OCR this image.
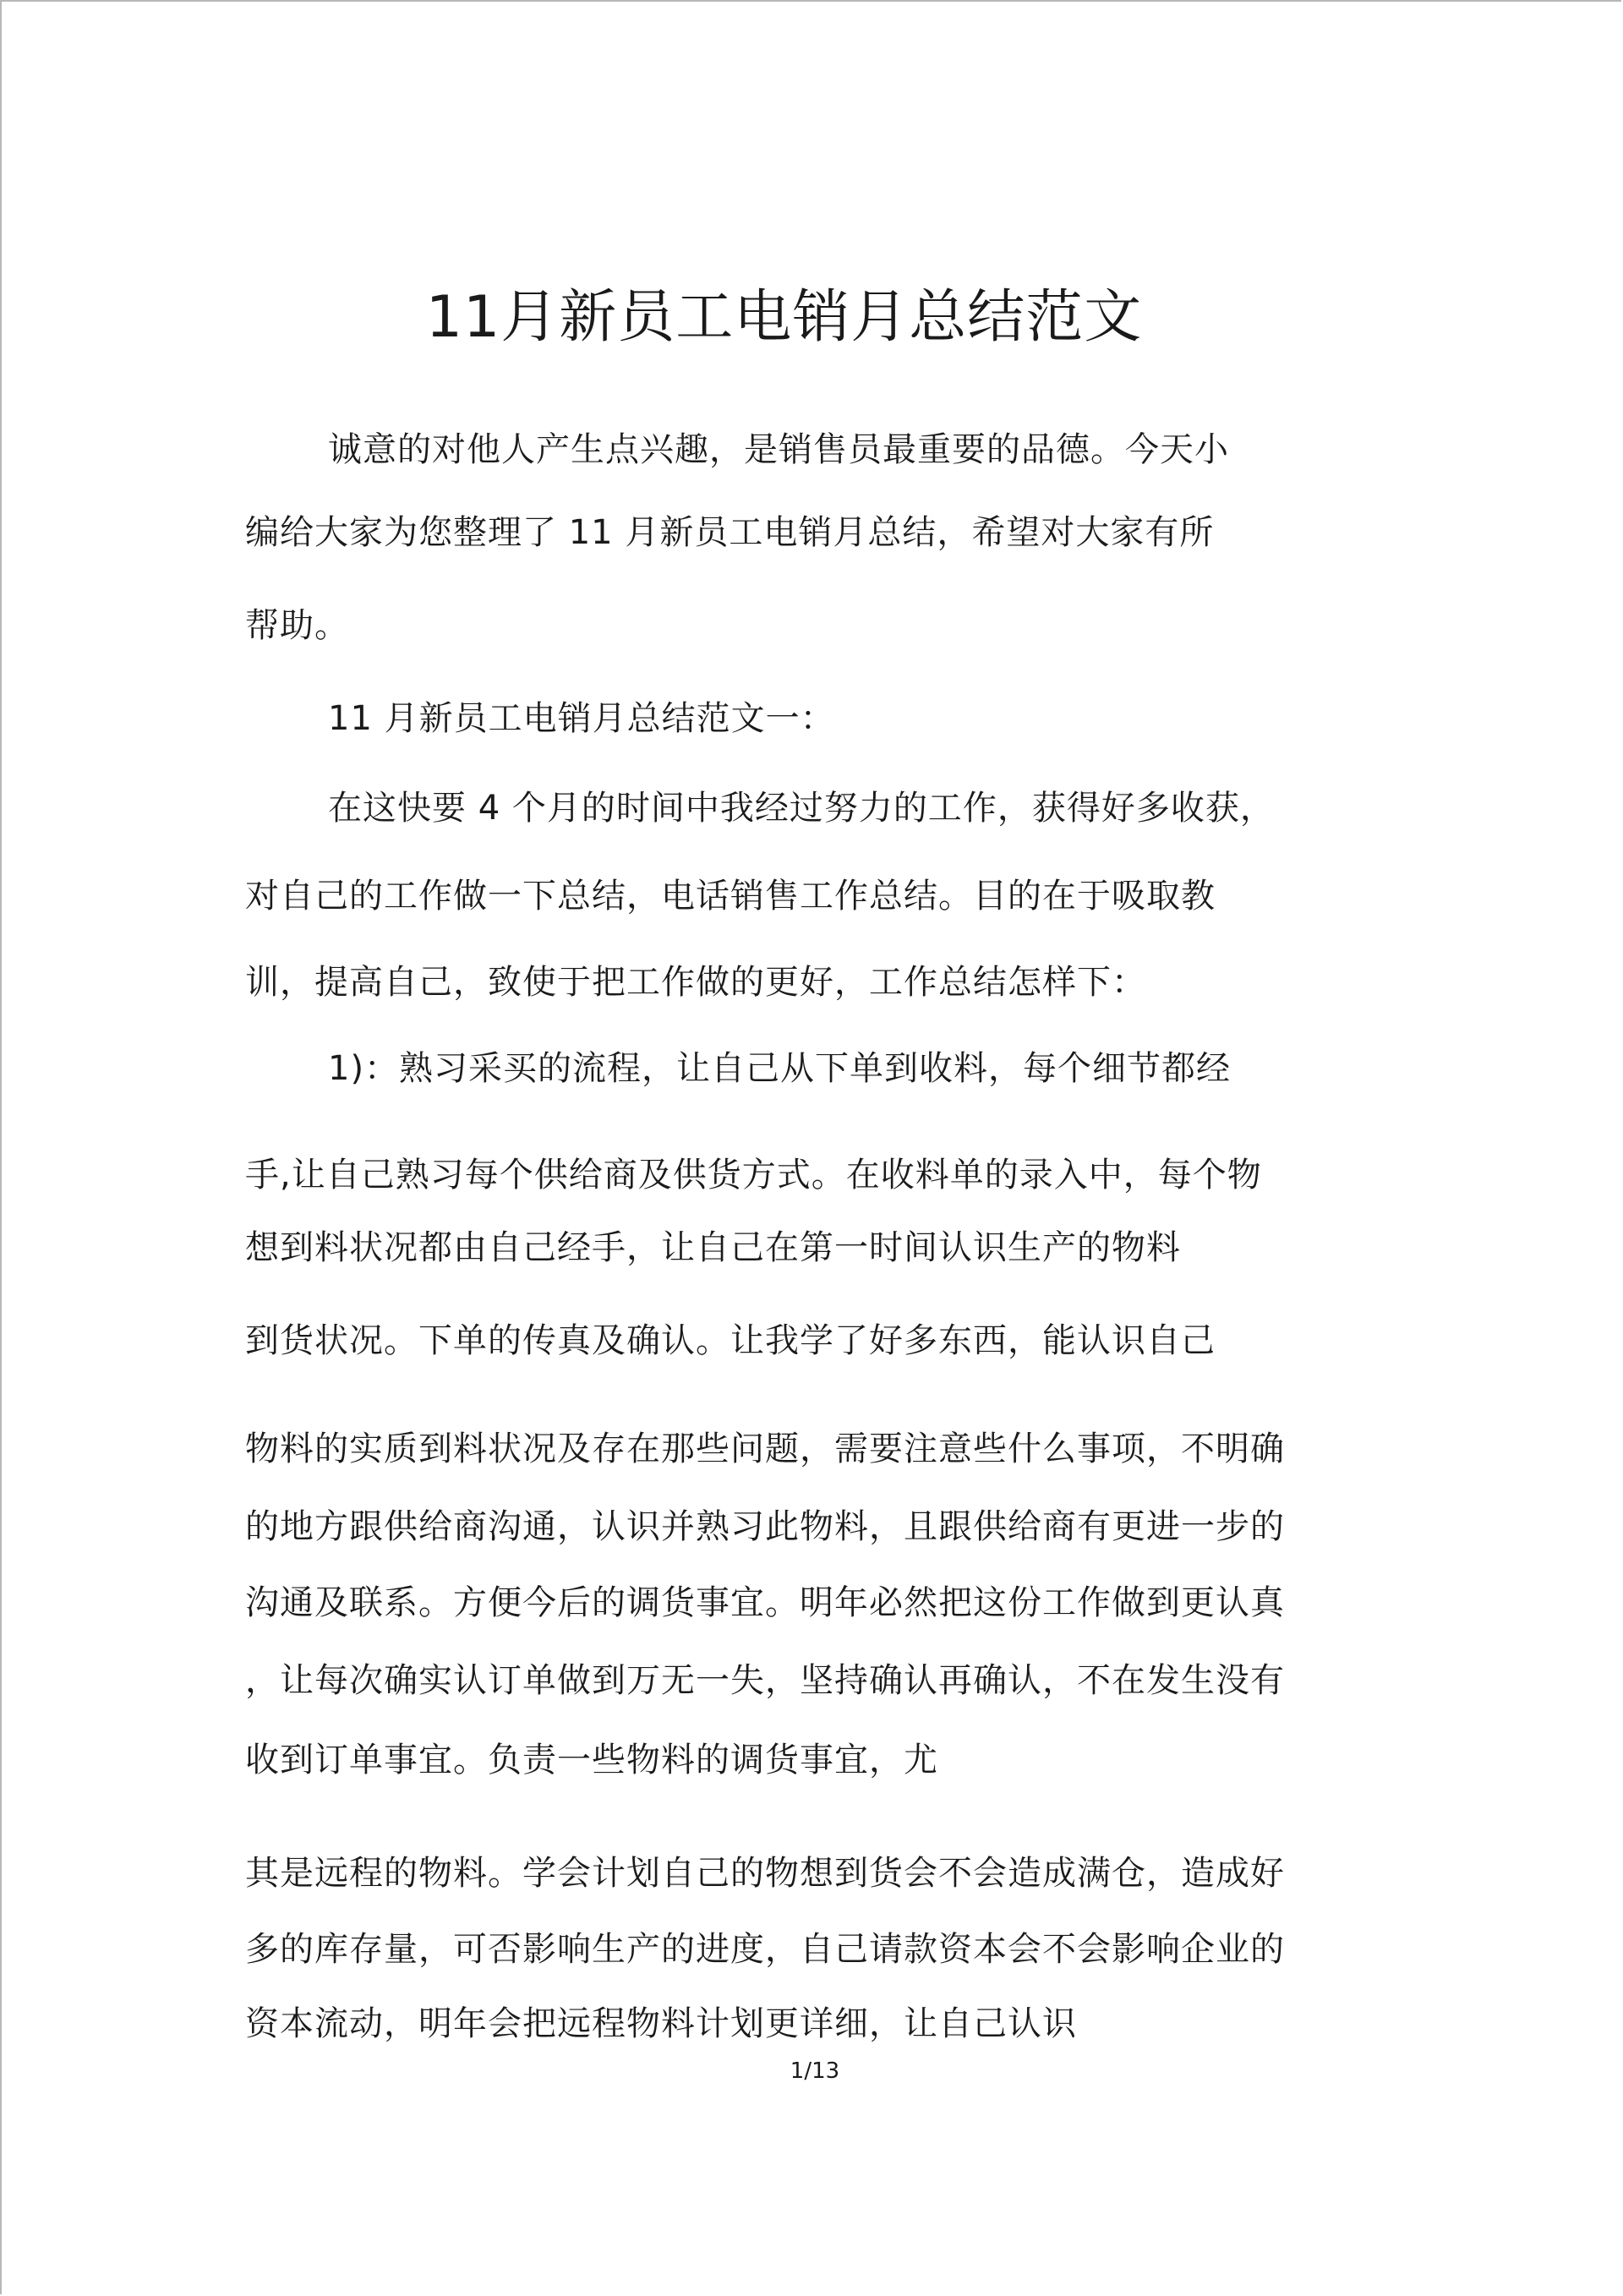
11月新员工电销月总结范文
诚意的对他人产生点兴趣，是销售员最重要的品德。今天小
编给大家为您整理了 11 月新员工电销月总结，希望对大家有所
帮助。
11 月新员工电销月总结范文一：
在这快要 4 个月的时间中我经过努力的工作，获得好多收获，
对自己的工作做一下总结，电话销售工作总结。目的在于吸取教
训，提高自己，致使于把工作做的更好，工作总结怎样下：
1)：熟习采买的流程，让自己从下单到收料，每个细节都经
手,让自己熟习每个供给商及供货方式。在收料单的录入中，每个物
想到料状况都由自己经手，让自己在第一时间认识生产的物料
到货状况。下单的传真及确认。让我学了好多东西，能认识自己
物料的实质到料状况及存在那些问题，需要注意些什么事项，不明确
的地方跟供给商沟通，认识并熟习此物料，且跟供给商有更进一步的
沟通及联系。方便今后的调货事宜。明年必然把这份工作做到更认真
，让每次确实认订单做到万无一失，坚持确认再确认，不在发生没有
收到订单事宜。负责一些物料的调货事宜，尤
其是远程的物料。学会计划自己的物想到货会不会造成满仓，造成好
多的库存量，可否影响生产的进度，自己请款资本会不会影响企业的
资本流动，明年会把远程物料计划更详细，让自己认识
1/13
